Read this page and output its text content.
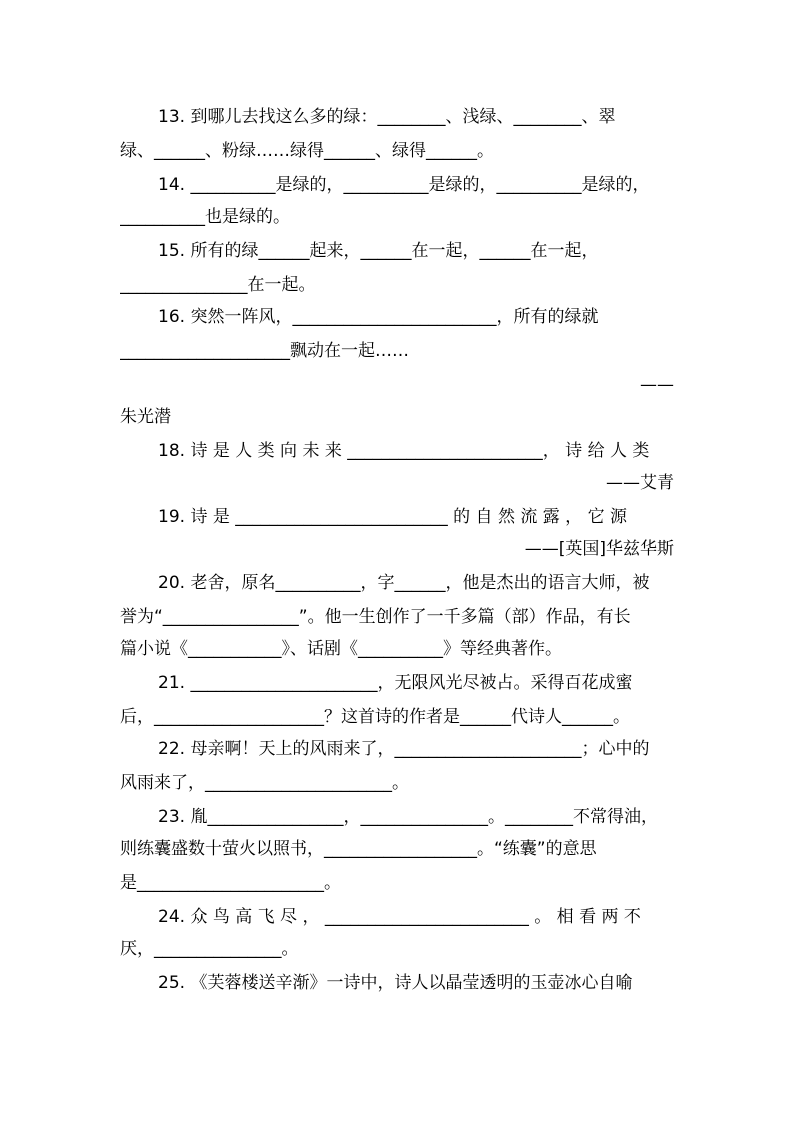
13. 到哪儿去找这么多的绿：________、浅绿、________、翠
绿、______、粉绿……绿得______、绿得______。
14. __________是绿的，__________是绿的，__________是绿的，
__________也是绿的。
15. 所有的绿______起来，______在一起，______在一起，
_______________在一起。
16. 突然一阵风，________________________，所有的绿就
____________________飘动在一起……

——

朱光潜
18. 诗 是 人 类 向 未 来 _______________________， 诗 给 人 类

——艾青

19. 诗 是 _________________________ 的 自 然 流 露 ， 它 源

——[英国]华兹华斯

20. 老舍，原名__________，字______，他是杰出的语言大师，被
誉为“________________”。他一生创作了一千多篇（部）作品，有长
篇小说《___________》、话剧《__________》等经典著作。
21. ______________________，无限风光尽被占。采得百花成蜜
后，____________________？这首诗的作者是______代诗人______。
22. 母亲啊！天上的风雨来了，______________________；心中的
风雨来了，______________________。
23. 胤________________，_______________。________不常得油，
则练囊盛数十萤火以照书，__________________。“练囊”的意思
是______________________。
24. 众 鸟 高 飞 尽 ， ________________________ 。 相 看 两 不
厌，_______________。
25. 《芙蓉楼送辛渐》一诗中，诗人以晶莹透明的玉壶冰心自喻
